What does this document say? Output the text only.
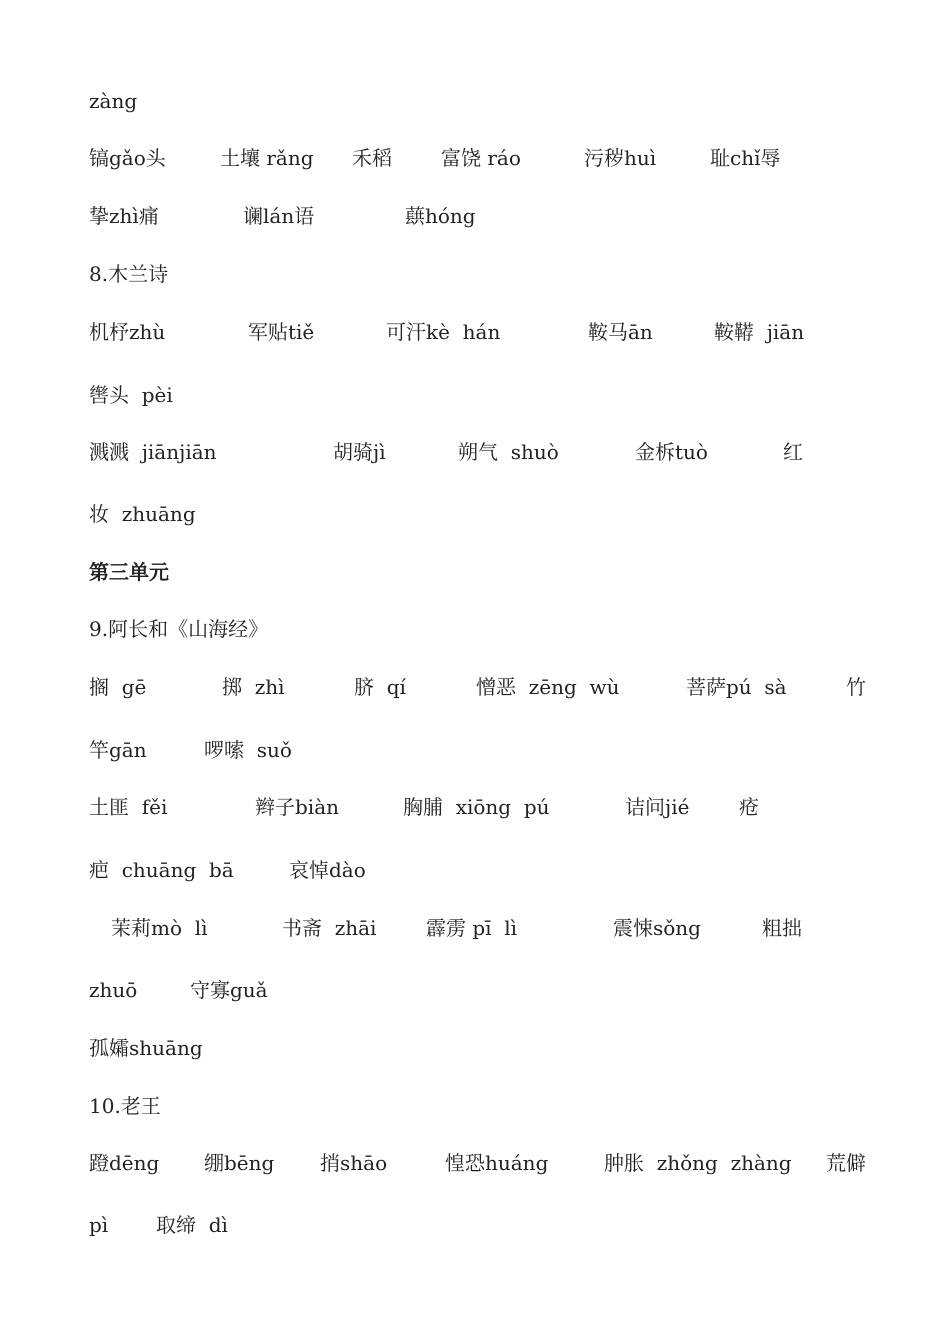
zàng
镐gǎo头	土壤 rǎng 禾稻 富饶 ráo	污秽huì	耻chǐ辱
挚zhì痛	谰lán语	蕻hóng
8.木兰诗
机杼zhù	军贴tiě	可汗kè  hán	鞍马ān	鞍鞯  jiān
辔头  pèi
溅溅  jiānjiān	胡骑jì	朔气  shuò	金柝tuò	红
妆  zhuāng
第三单元
9.阿长和《山海经》
搁  gē	掷  zhì	脐  qí	憎恶  zēng  wù	菩萨pú  sà	竹
竿gān	啰嗦  suǒ
土匪  fěi	辫子biàn	胸脯  xiōng  pú	诘问jié 疮
疤  chuāng  bā	哀悼dào
茉莉mò  lì	书斋  zhāi 霹雳 pī  lì	震悚sǒng	粗拙
zhuō	守寡guǎ
孤孀shuāng
10.老王
蹬dēng 绷bēng 捎shāo	惶恐huáng	肿胀  zhǒng  zhàng 荒僻
pì 取缔  dì
